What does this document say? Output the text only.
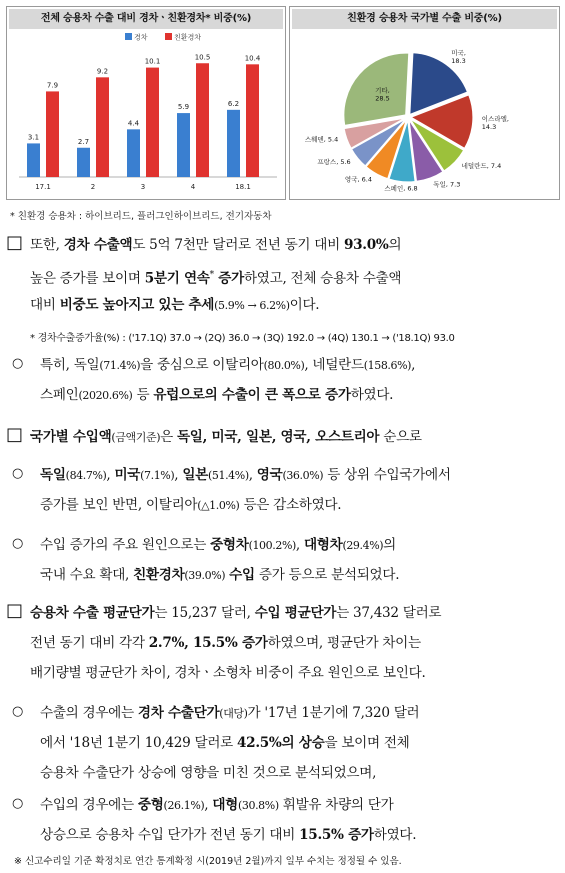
전체 승용차 수출 대비 경차ㆍ친환경차* 비중(%)
경차	친환경차
3.1
7.9
17.1
2.7
9.2
2
4.4
10.1
3
5.9
10.5
4
6.2
10.4
18.1
친환경 승용차 국가별 수출 비중(%)
미국, 18.3
이스라엘, 14.3
네덜란드, 7.4
독일, 7.3
스페인, 6.8
영국, 6.4
프랑스, 5.6
스웨덴, 5.4
기타, 28.5
* 친환경 승용차 : 하이브리드, 플러그인하이브리드, 전기자동차
□ 또한, 경차 수출액도 5억 7천만 달러로 전년 동기 대비 93.0%의
높은 증가를 보이며 5분기 연속* 증가하였고, 전체 승용차 수출액
대비 비중도 높아지고 있는 추세(5.9% → 6.2%)이다.
* 경차수출증가율(%) : ('17.1Q) 37.0 → (2Q) 36.0 → (3Q) 192.0 → (4Q) 130.1 → ('18.1Q) 93.0
○ 특히, 독일(71.4%)을 중심으로 이탈리아(80.0%), 네덜란드(158.6%),
스페인(2020.6%) 등 유럽으로의 수출이 큰 폭으로 증가하였다.
□ 국가별 수입액(금액기준)은 독일, 미국, 일본, 영국, 오스트리아 순으로
○ 독일(84.7%), 미국(7.1%), 일본(51.4%), 영국(36.0%) 등 상위 수입국가에서
증가를 보인 반면, 이탈리아(△1.0%) 등은 감소하였다.
○ 수입 증가의 주요 원인으로는 중형차(100.2%), 대형차(29.4%)의
국내 수요 확대, 친환경차(39.0%) 수입 증가 등으로 분석되었다.
□ 승용차 수출 평균단가는 15,237 달러, 수입 평균단가는 37,432 달러로
전년 동기 대비 각각 2.7%, 15.5% 증가하였으며, 평균단가 차이는
배기량별 평균단가 차이, 경차ㆍ소형차 비중이 주요 원인으로 보인다.
○ 수출의 경우에는 경차 수출단가(대당)가 '17년 1분기에 7,320 달러
에서 '18년 1분기 10,429 달러로 42.5%의 상승을 보이며 전체
승용차 수출단가 상승에 영향을 미친 것으로 분석되었으며,
○ 수입의 경우에는 중형(26.1%), 대형(30.8%) 휘발유 차량의 단가
상승으로 승용차 수입 단가가 전년 동기 대비 15.5% 증가하였다.
※ 신고수리일 기준 확정치로 연간 통계확정 시(2019년 2월)까지 일부 수치는 정정될 수 있음.
